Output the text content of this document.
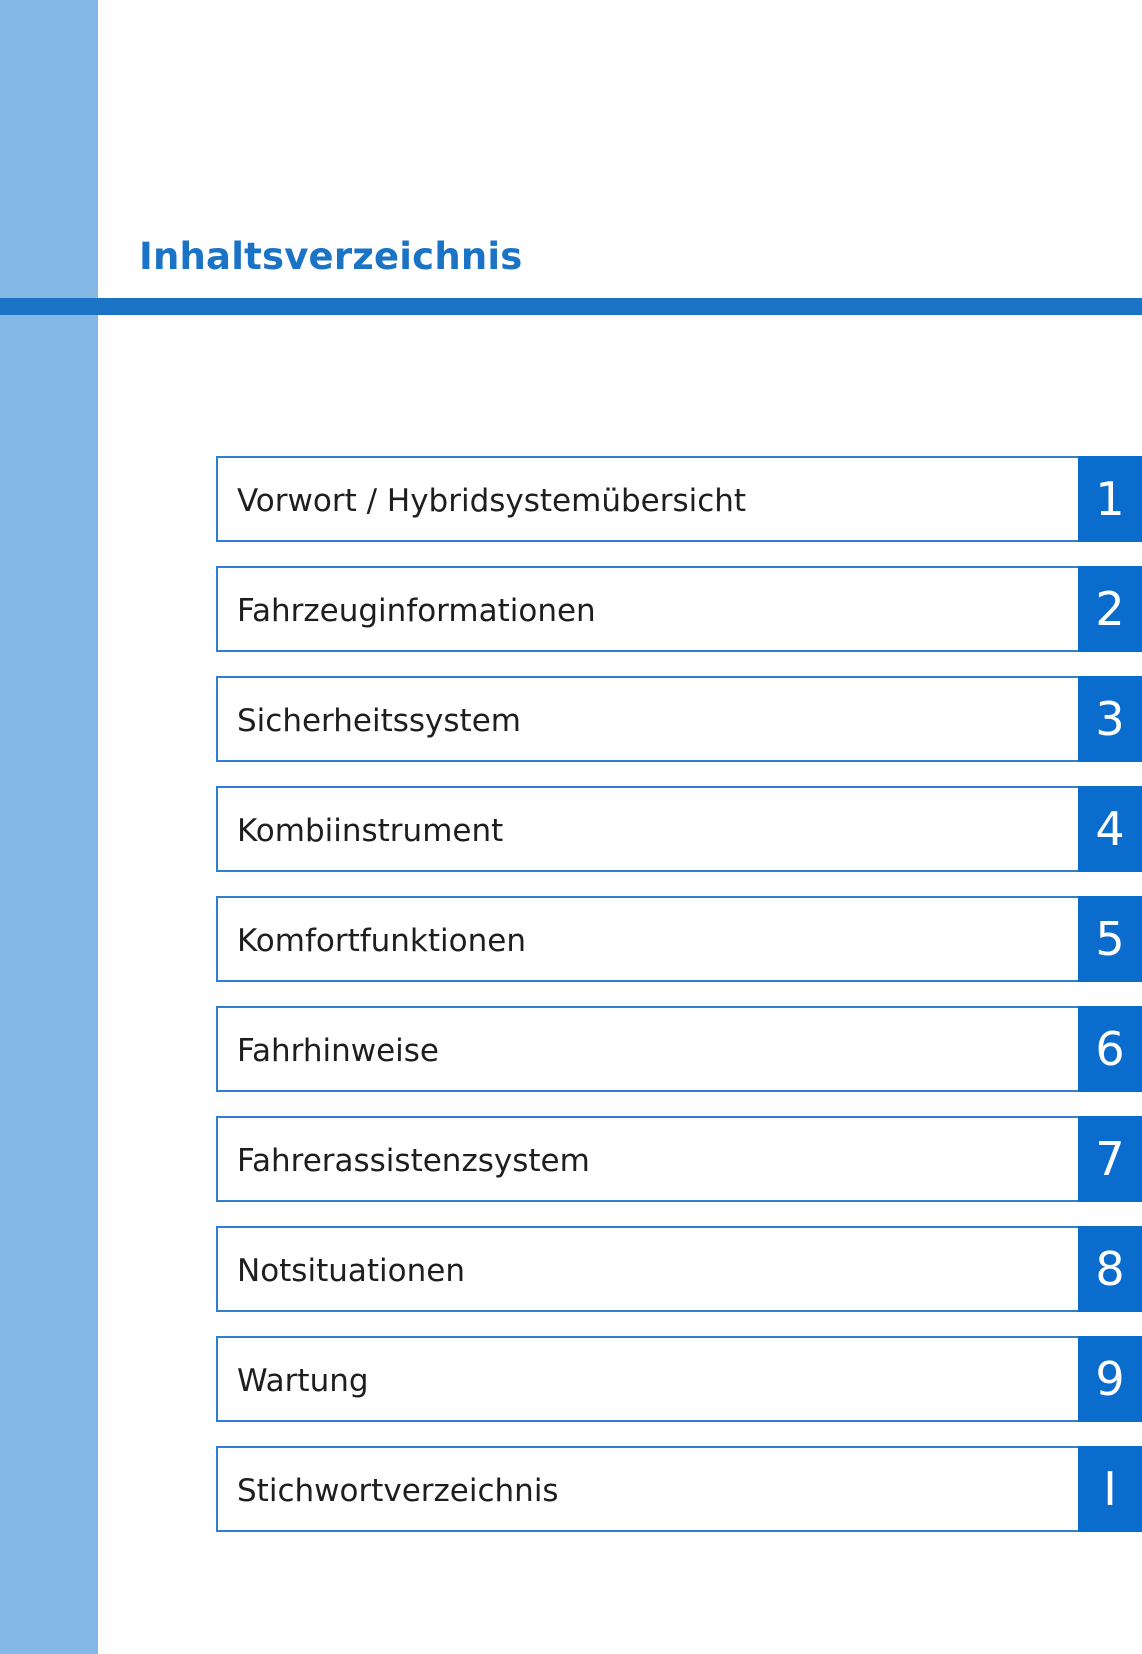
Inhaltsverzeichnis
Vorwort / Hybridsystemübersicht	1
Fahrzeuginformationen	2
Sicherheitssystem	3
Kombiinstrument	4
Komfortfunktionen	5
Fahrhinweise	6
Fahrerassistenzsystem	7
Notsituationen	8
Wartung	9
Stichwortverzeichnis	I
